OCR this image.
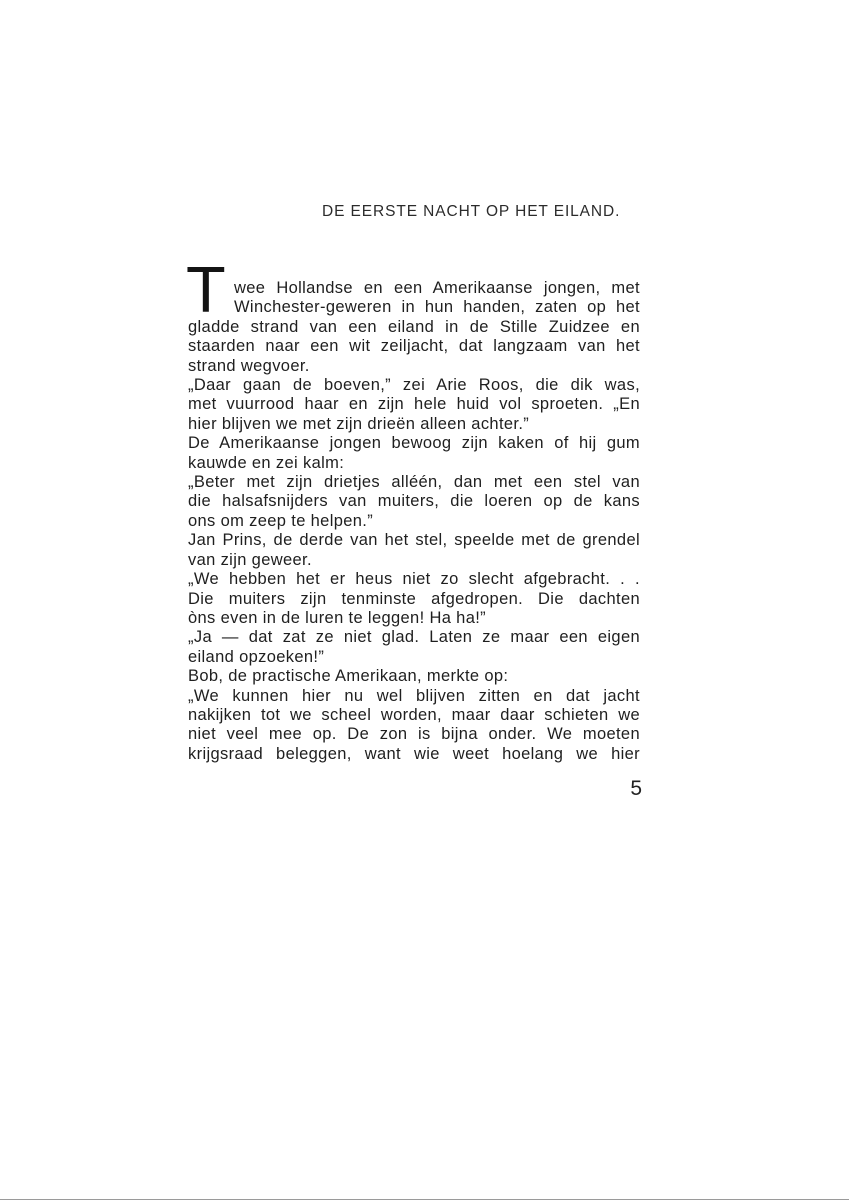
DE EERSTE NACHT OP HET EILAND.
T wee Hollandse en een Amerikaanse jongen, met
Winchester-geweren in hun handen, zaten op het
gladde strand van een eiland in de Stille Zuidzee en
staarden naar een wit zeiljacht, dat langzaam van het
strand wegvoer.
„Daar gaan de boeven,” zei Arie Roos, die dik was,
met vuurrood haar en zijn hele huid vol sproeten. „En
hier blijven we met zijn drieën alleen achter.”
De Amerikaanse jongen bewoog zijn kaken of hij gum
kauwde en zei kalm:
„Beter met zijn drietjes alléén, dan met een stel van
die halsafsnijders van muiters, die loeren op de kans
ons om zeep te helpen.”
Jan Prins, de derde van het stel, speelde met de grendel
van zijn geweer.
„We hebben het er heus niet zo slecht afgebracht. . .
Die muiters zijn tenminste afgedropen. Die dachten
òns even in de luren te leggen! Ha ha!”
„Ja — dat zat ze niet glad. Laten ze maar een eigen
eiland opzoeken!”
Bob, de practische Amerikaan, merkte op:
„We kunnen hier nu wel blijven zitten en dat jacht
nakijken tot we scheel worden, maar daar schieten we
niet veel mee op. De zon is bijna onder. We moeten
krijgsraad beleggen, want wie weet hoelang we hier
5
